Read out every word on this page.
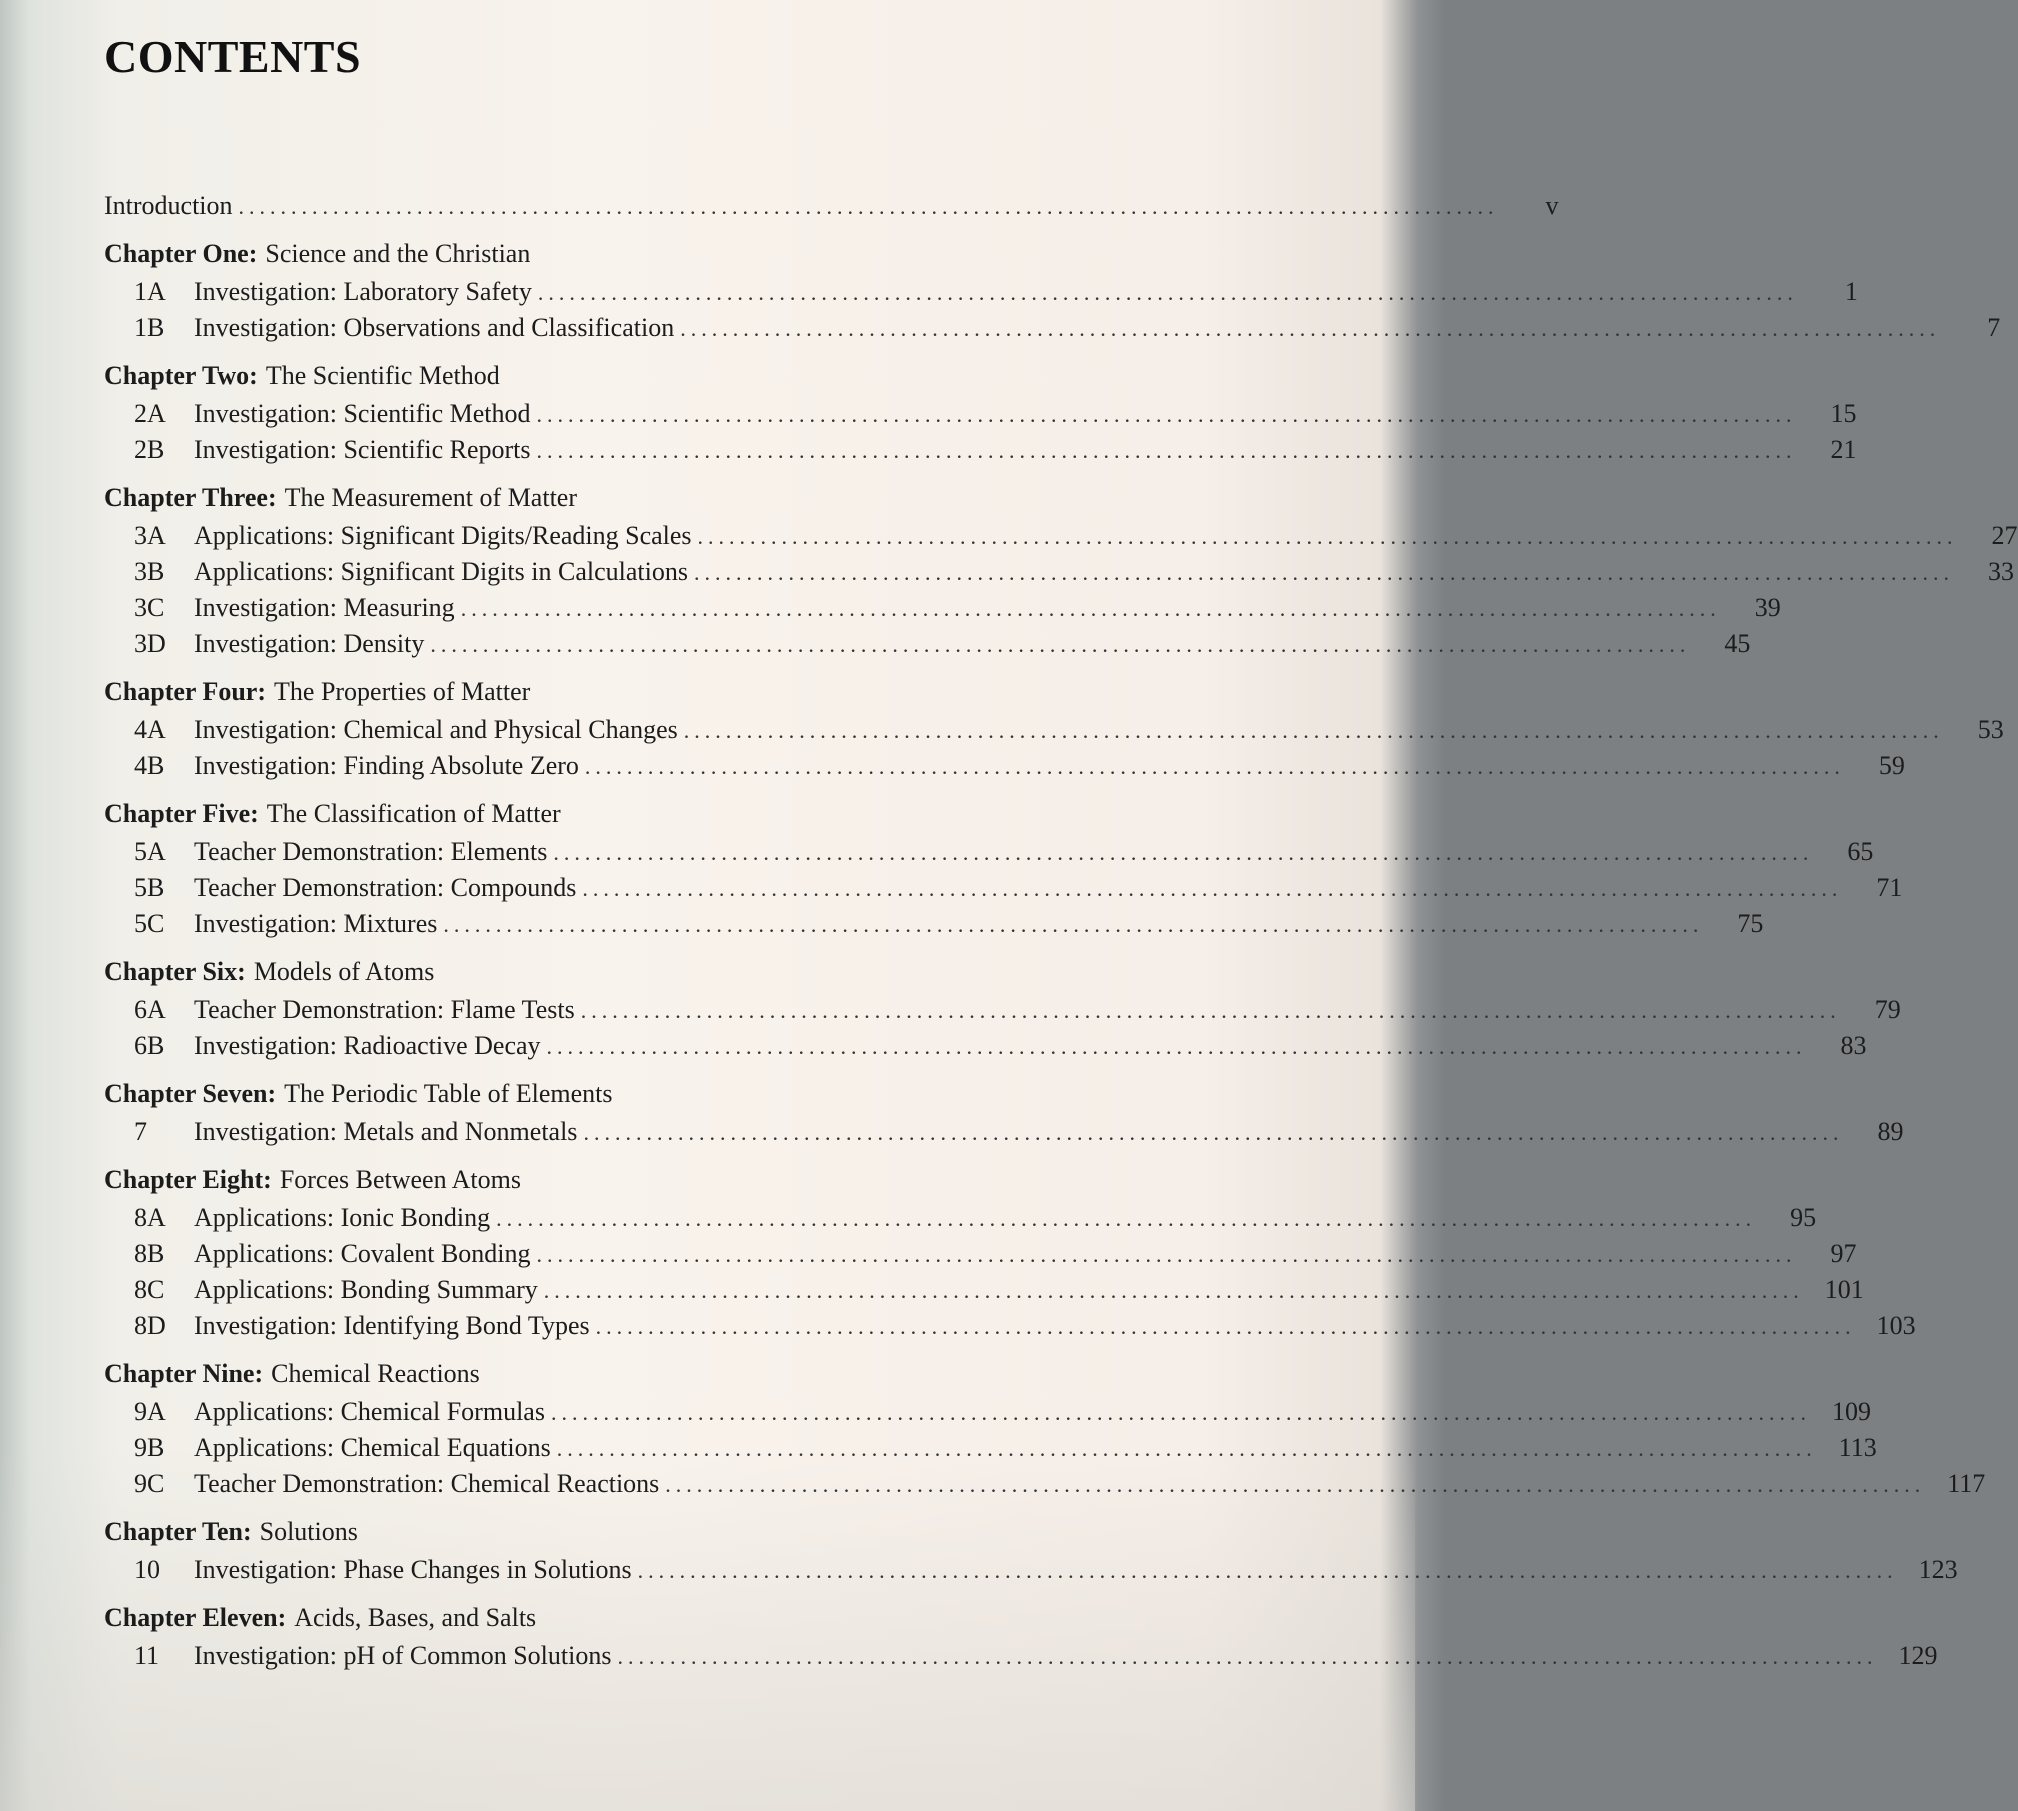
CONTENTS
Introduction ........................................................................................................................	v
Chapter One: Science and the Christian
1A	Investigation: Laboratory Safety ........................................................................................................................	1
1B	Investigation: Observations and Classification ........................................................................................................................	7
Chapter Two: The Scientific Method
2A	Investigation: Scientific Method ........................................................................................................................	15
2B	Investigation: Scientific Reports ........................................................................................................................	21
Chapter Three: The Measurement of Matter
3A	Applications: Significant Digits/Reading Scales ........................................................................................................................	27
3B	Applications: Significant Digits in Calculations ........................................................................................................................	33
3C	Investigation: Measuring ........................................................................................................................	39
3D	Investigation: Density ........................................................................................................................	45
Chapter Four: The Properties of Matter
4A	Investigation: Chemical and Physical Changes ........................................................................................................................	53
4B	Investigation: Finding Absolute Zero ........................................................................................................................	59
Chapter Five: The Classification of Matter
5A	Teacher Demonstration: Elements ........................................................................................................................	65
5B	Teacher Demonstration: Compounds ........................................................................................................................	71
5C	Investigation: Mixtures ........................................................................................................................	75
Chapter Six: Models of Atoms
6A	Teacher Demonstration: Flame Tests ........................................................................................................................	79
6B	Investigation: Radioactive Decay ........................................................................................................................	83
Chapter Seven: The Periodic Table of Elements
7	Investigation: Metals and Nonmetals ........................................................................................................................	89
Chapter Eight: Forces Between Atoms
8A	Applications: Ionic Bonding ........................................................................................................................	95
8B	Applications: Covalent Bonding ........................................................................................................................	97
8C	Applications: Bonding Summary ........................................................................................................................ 101
8D	Investigation: Identifying Bond Types ........................................................................................................................ 103
Chapter Nine: Chemical Reactions
9A	Applications: Chemical Formulas ........................................................................................................................ 109
9B	Applications: Chemical Equations ........................................................................................................................ 113
9C	Teacher Demonstration: Chemical Reactions ........................................................................................................................ 117
Chapter Ten: Solutions
10	Investigation: Phase Changes in Solutions ........................................................................................................................ 123
Chapter Eleven: Acids, Bases, and Salts
11	Investigation: pH of Common Solutions ........................................................................................................................ 129
